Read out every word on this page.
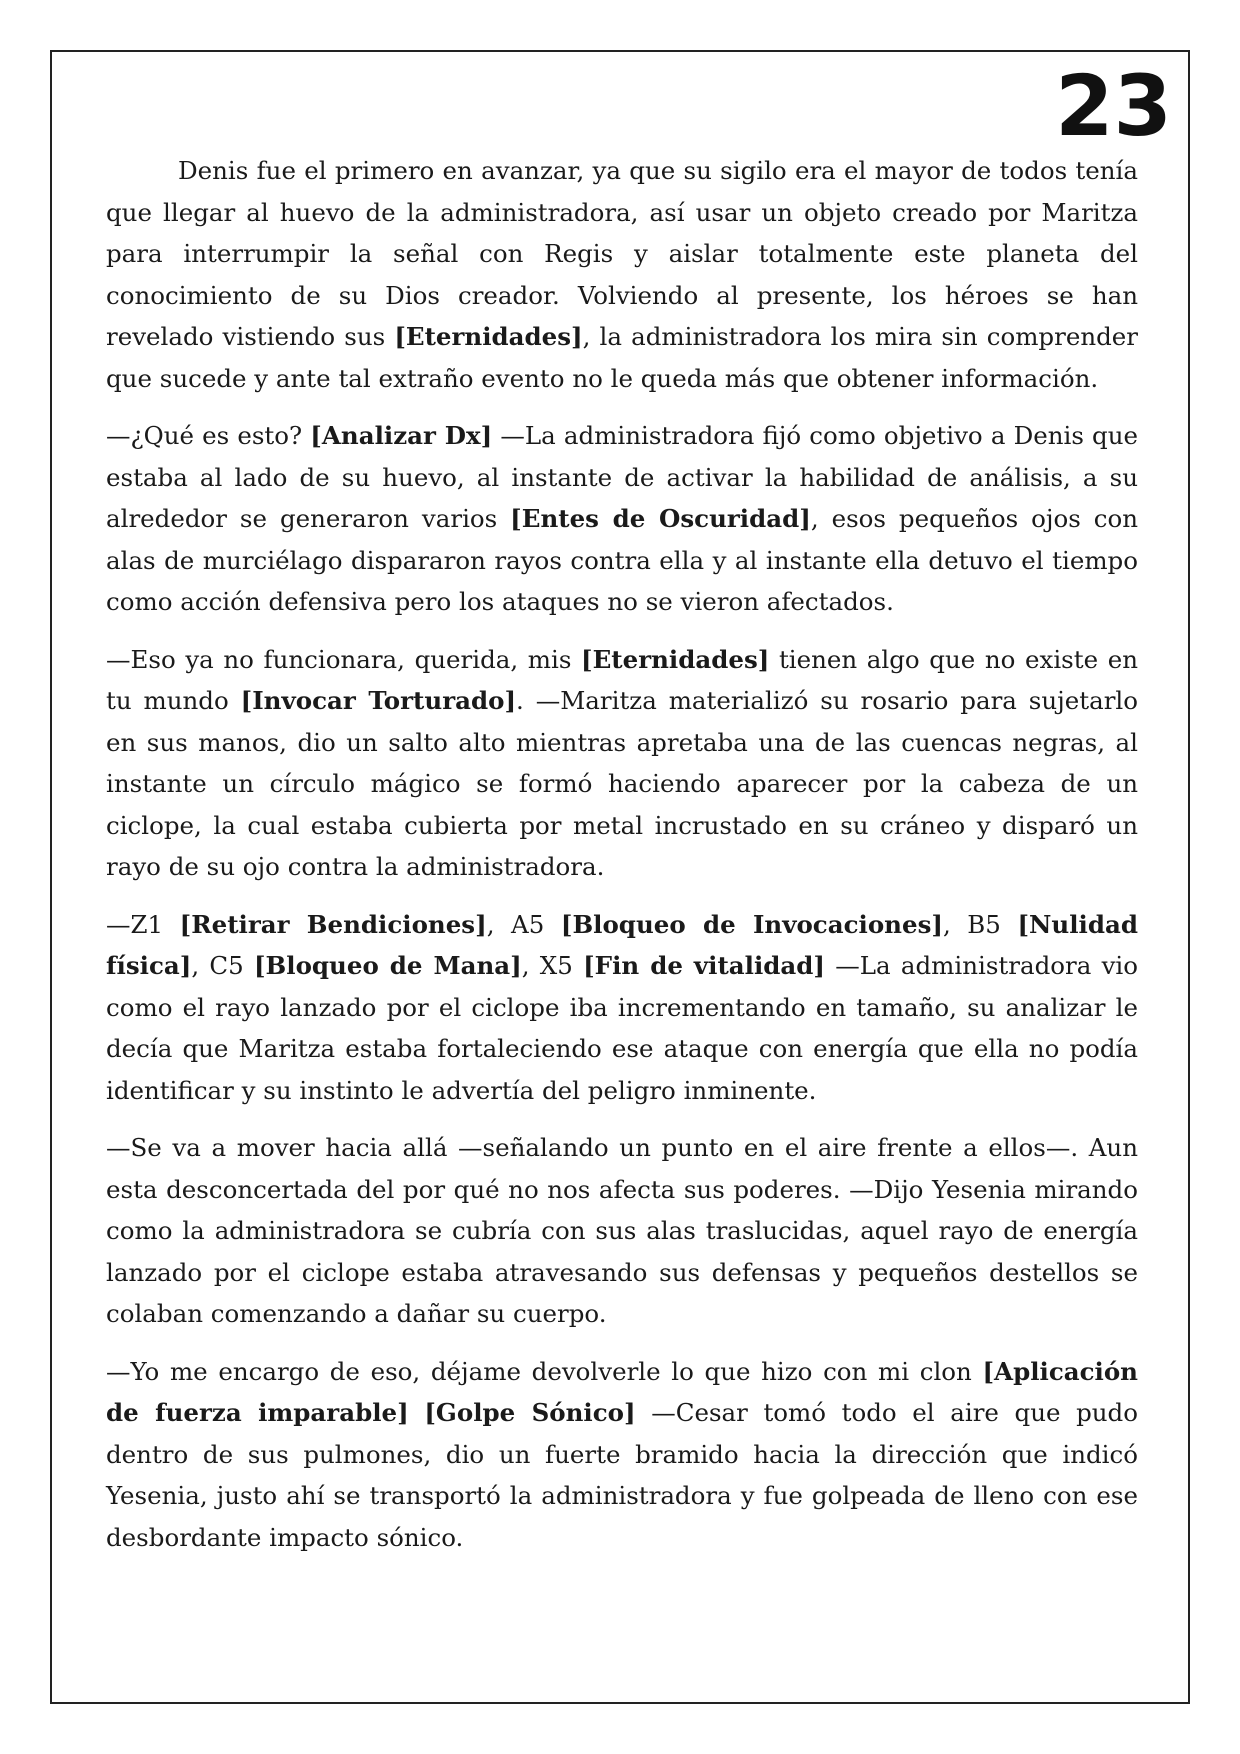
23

Denis fue el primero en avanzar, ya que su sigilo era el mayor de todos tenía que llegar al huevo de la administradora, así usar un objeto creado por Maritza para interrumpir la señal con Regis y aislar totalmente este planeta del conocimiento de su Dios creador. Volviendo al presente, los héroes se han revelado vistiendo sus [Eternidades], la administradora los mira sin comprender que sucede y ante tal extraño evento no le queda más que obtener información.

—¿Qué es esto? [Analizar Dx] —La administradora fijó como objetivo a Denis que estaba al lado de su huevo, al instante de activar la habilidad de análisis, a su alrededor se generaron varios [Entes de Oscuridad], esos pequeños ojos con alas de murciélago dispararon rayos contra ella y al instante ella detuvo el tiempo como acción defensiva pero los ataques no se vieron afectados.

—Eso ya no funcionara, querida, mis [Eternidades] tienen algo que no existe en tu mundo [Invocar Torturado]. —Maritza materializó su rosario para sujetarlo en sus manos, dio un salto alto mientras apretaba una de las cuencas negras, al instante un círculo mágico se formó haciendo aparecer por la cabeza de un ciclope, la cual estaba cubierta por metal incrustado en su cráneo y disparó un rayo de su ojo contra la administradora.

—Z1 [Retirar Bendiciones], A5 [Bloqueo de Invocaciones], B5 [Nulidad física], C5 [Bloqueo de Mana], X5 [Fin de vitalidad] —La administradora vio como el rayo lanzado por el ciclope iba incrementando en tamaño, su analizar le decía que Maritza estaba fortaleciendo ese ataque con energía que ella no podía identificar y su instinto le advertía del peligro inminente.

—Se va a mover hacia allá —señalando un punto en el aire frente a ellos—. Aun esta desconcertada del por qué no nos afecta sus poderes. —Dijo Yesenia mirando como la administradora se cubría con sus alas traslucidas, aquel rayo de energía lanzado por el ciclope estaba atravesando sus defensas y pequeños destellos se colaban comenzando a dañar su cuerpo.

—Yo me encargo de eso, déjame devolverle lo que hizo con mi clon [Aplicación de fuerza imparable] [Golpe Sónico] —Cesar tomó todo el aire que pudo dentro de sus pulmones, dio un fuerte bramido hacia la dirección que indicó Yesenia, justo ahí se transportó la administradora y fue golpeada de lleno con ese desbordante impacto sónico.
